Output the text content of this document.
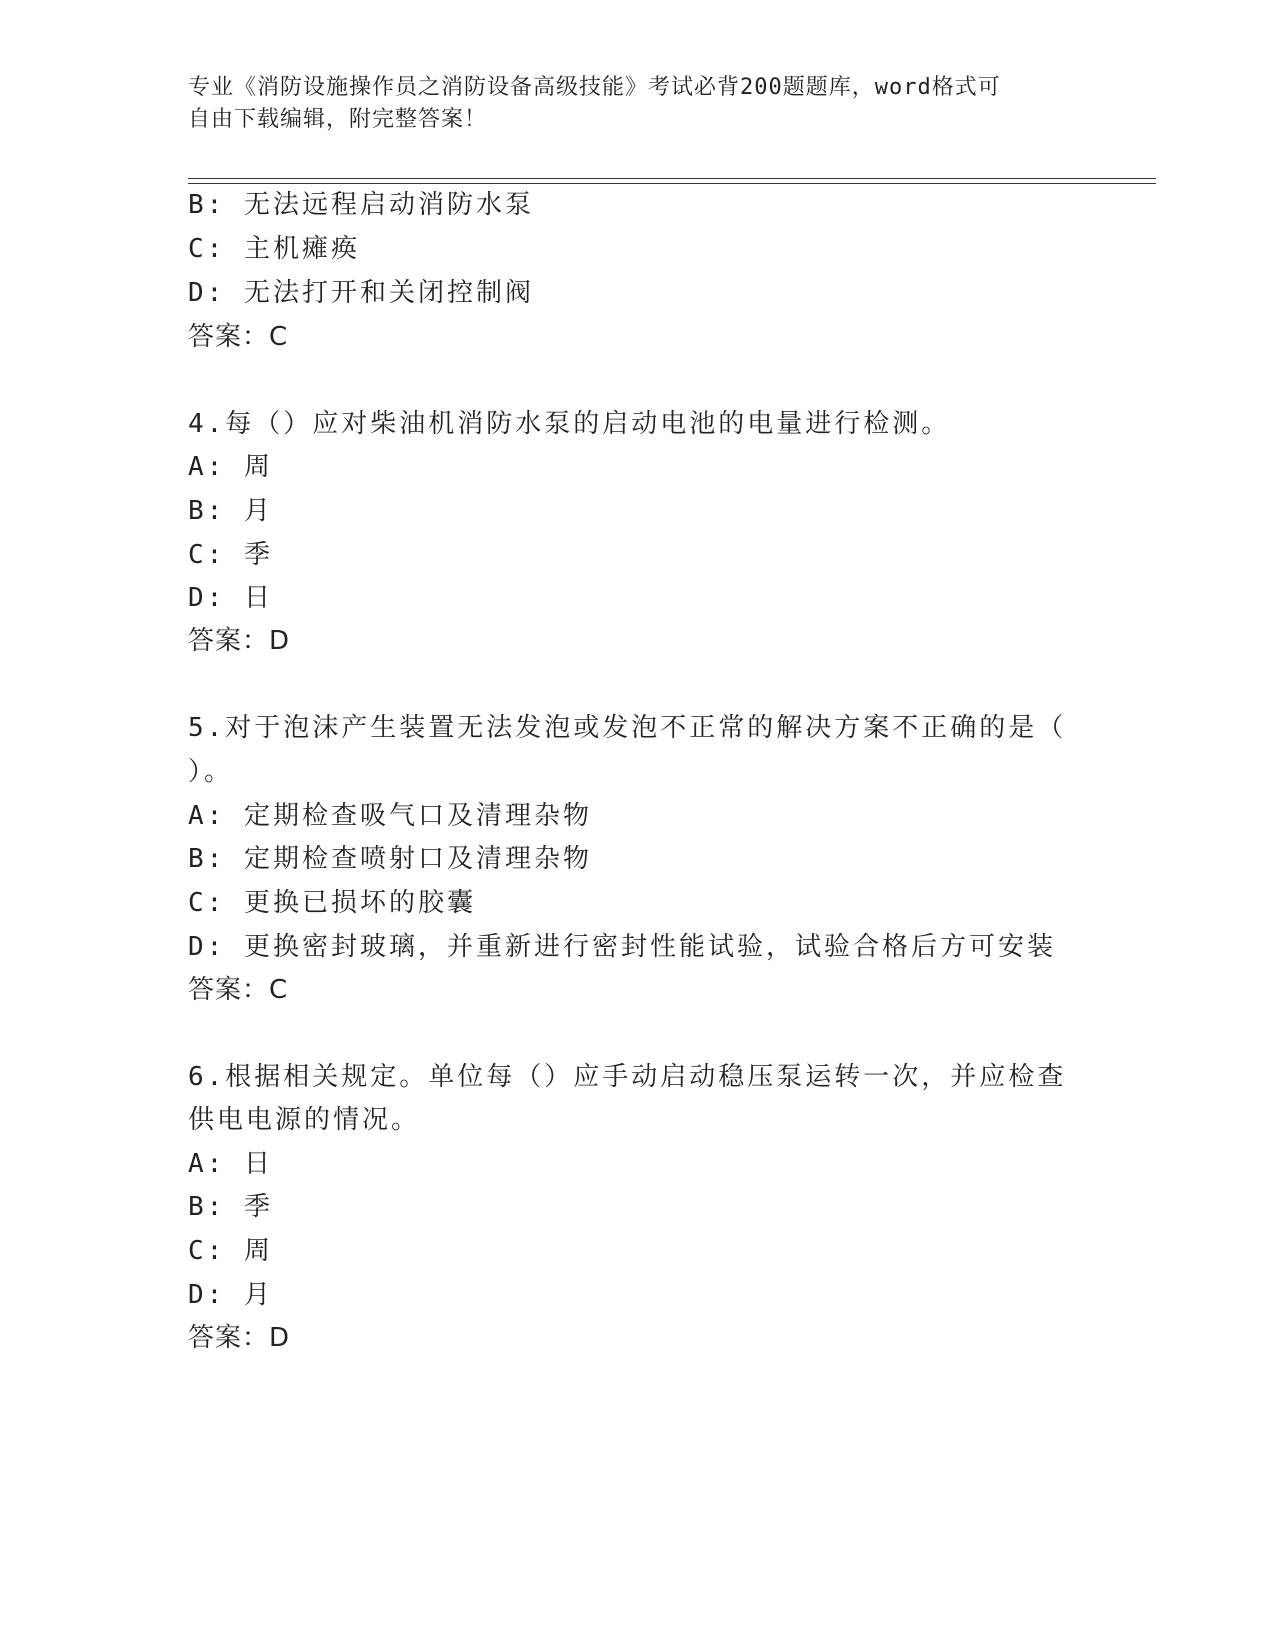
专业《消防设施操作员之消防设备高级技能》考试必背200题题库，word格式可

自由下载编辑，附完整答案！

B: 无法远程启动消防水泵
C: 主机瘫痪
D: 无法打开和关闭控制阀
答案：C
4.每（）应对柴油机消防水泵的启动电池的电量进行检测。
A: 周
B: 月
C: 季
D: 日
答案：D
5.对于泡沫产生装置无法发泡或发泡不正常的解决方案不正确的是（
）。
A: 定期检查吸气口及清理杂物
B: 定期检查喷射口及清理杂物
C: 更换已损坏的胶囊
D: 更换密封玻璃，并重新进行密封性能试验，试验合格后方可安装
答案：C
6.根据相关规定。单位每（）应手动启动稳压泵运转一次，并应检查
供电电源的情况。
A: 日
B: 季
C: 周
D: 月
答案：D
